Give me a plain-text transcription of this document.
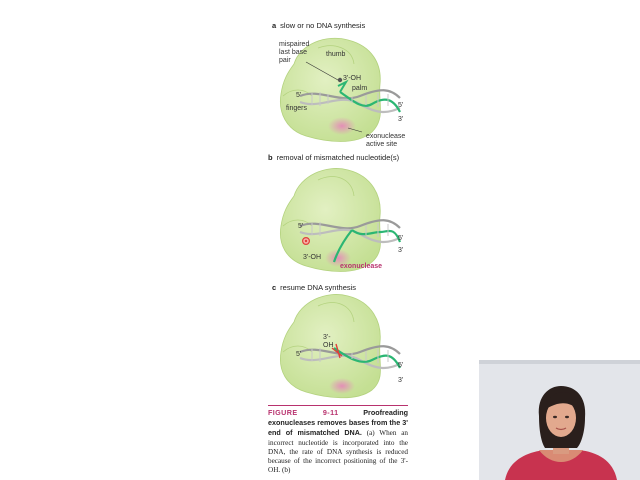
a slow or no DNA synthesis
mispaired last base pair
thumb
3'-OH
palm
5'
fingers	5'
3'
exonuclease active site
b removal of mismatched nucleotide(s)
5'
3'-OH
5'
3'
exonuclease
c resume DNA synthesis
3'- OH
5'
5'
3'
FIGURE 9-11	Proofreading exonucleases removes bases from the 3' end of mismatched DNA. (a) When an incorrect nucleotide is incorporated into the DNA, the rate of DNA synthesis is reduced because of the incorrect positioning of the 3'-OH. (b)
